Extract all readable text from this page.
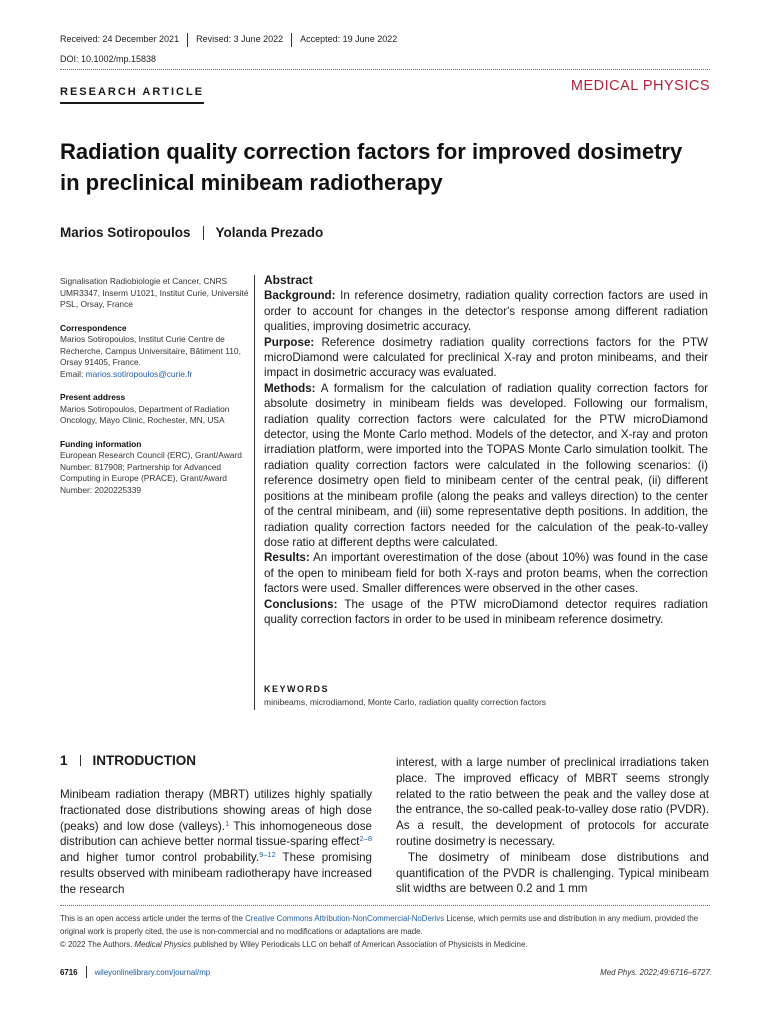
Received: 24 December 2021 Revised: 3 June 2022 Accepted: 19 June 2022
DOI: 10.1002/mp.15838
RESEARCH ARTICLE	MEDICAL PHYSICS
Radiation quality correction factors for improved dosimetry in preclinical minibeam radiotherapy
Marios Sotiropoulos Yolanda Prezado
Signalisation Radiobiologie et Cancer, CNRS UMR3347, Inserm U1021, Institut Curie, Université PSL, Orsay, France
Correspondence
Marios Sotiropoulos, Institut Curie Centre de Recherche, Campus Universitaire, Bâtiment 110, Orsay 91405, France.
Email: marios.sotiropoulos@curie.fr
Present address
Marios Sotiropoulos, Department of Radiation Oncology, Mayo Clinic, Rochester, MN, USA
Funding information
European Research Council (ERC), Grant/Award Number: 817908; Partnership for Advanced Computing in Europe (PRACE), Grant/Award Number: 2020225339
Abstract
Background: In reference dosimetry, radiation quality correction factors are used in order to account for changes in the detector's response among different radiation qualities, improving dosimetric accuracy.
Purpose: Reference dosimetry radiation quality corrections factors for the PTW microDiamond were calculated for preclinical X-ray and proton minibeams, and their impact in dosimetric accuracy was evaluated.
Methods: A formalism for the calculation of radiation quality correction factors for absolute dosimetry in minibeam fields was developed. Following our formalism, radiation quality correction factors were calculated for the PTW microDiamond detector, using the Monte Carlo method. Models of the detector, and X-ray and proton irradiation platform, were imported into the TOPAS Monte Carlo simulation toolkit. The radiation quality correction factors were calculated in the following scenarios: (i) reference dosimetry open field to minibeam center of the central peak, (ii) different positions at the minibeam profile (along the peaks and valleys direction) to the center of the central minibeam, and (iii) some representative depth positions. In addition, the radiation quality correction factors needed for the calculation of the peak-to-valley dose ratio at different depths were calculated.
Results: An important overestimation of the dose (about 10%) was found in the case of the open to minibeam field for both X-rays and proton beams, when the correction factors were used. Smaller differences were observed in the other cases.
Conclusions: The usage of the PTW microDiamond detector requires radiation quality correction factors in order to be used in minibeam reference dosimetry.
KEYWORDS
minibeams, microdiamond, Monte Carlo, radiation quality correction factors
1 INTRODUCTION
Minibeam radiation therapy (MBRT) utilizes highly spatially fractionated dose distributions showing areas of high dose (peaks) and low dose (valleys).$^1$ This inhomogeneous dose distribution can achieve better normal tissue-sparing effect$^{2-8}$ and higher tumor control probability.$^{9-12}$ These promising results observed with minibeam radiotherapy have increased the research
interest, with a large number of preclinical irradiations taken place. The improved efficacy of MBRT seems strongly related to the ratio between the peak and the valley dose at the entrance, the so-called peak-to-valley dose ratio (PVDR). As a result, the development of protocols for accurate routine dosimetry is necessary.
The dosimetry of minibeam dose distributions and quantification of the PVDR is challenging. Typical minibeam slit widths are between 0.2 and 1 mm
This is an open access article under the terms of the Creative Commons Attribution-NonCommercial-NoDerivs License, which permits use and distribution in any medium, provided the original work is properly cited, the use is non-commercial and no modifications or adaptations are made.
© 2022 The Authors. Medical Physics published by Wiley Periodicals LLC on behalf of American Association of Physicists in Medicine.
6716 wileyonlinelibrary.com/journal/mp	Med Phys. 2022;49:6716–6727.
